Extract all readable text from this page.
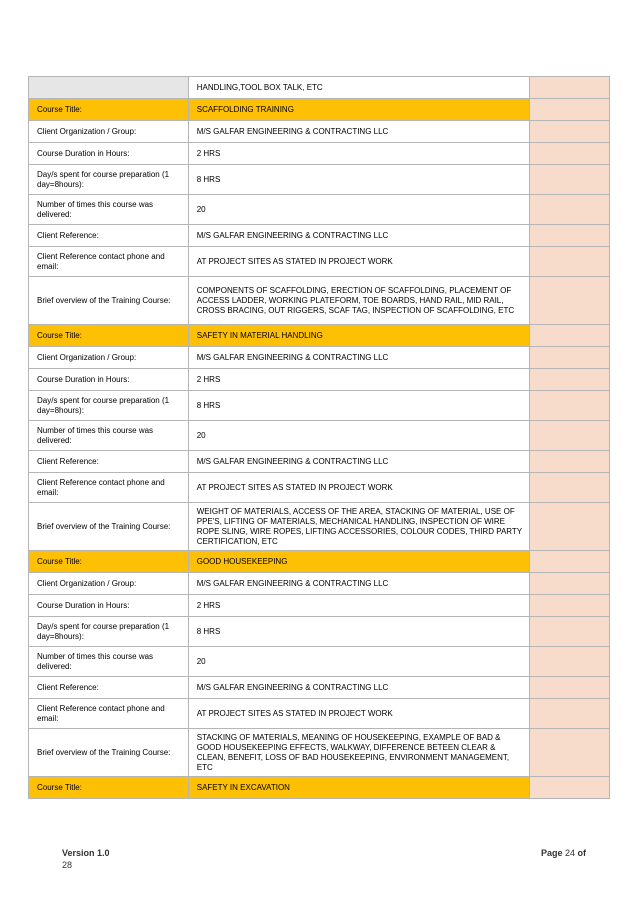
	HANDLING,TOOL BOX TALK, ETC	
Course Title:	SCAFFOLDING TRAINING	
Client Organization / Group:	M/S GALFAR ENGINEERING & CONTRACTING LLC	
Course Duration in Hours:	2 HRS	
Day/s spent for course preparation (1 day=8hours):	8 HRS	
Number of times this course was delivered:	20	
Client Reference:	M/S GALFAR ENGINEERING & CONTRACTING LLC	
Client Reference contact phone and email:	AT PROJECT SITES AS STATED IN PROJECT WORK	
Brief overview of the Training Course:	COMPONENTS OF SCAFFOLDING, ERECTION OF SCAFFOLDING, PLACEMENT OF ACCESS LADDER, WORKING PLATEFORM, TOE BOARDS, HAND RAIL, MID RAIL, CROSS BRACING, OUT RIGGERS, SCAF TAG, INSPECTION OF SCAFFOLDING, ETC	
Course Title:	SAFETY IN MATERIAL HANDLING	
Client Organization / Group:	M/S GALFAR ENGINEERING & CONTRACTING LLC	
Course Duration in Hours:	2 HRS	
Day/s spent for course preparation (1 day=8hours):	8 HRS	
Number of times this course was delivered:	20	
Client Reference:	M/S GALFAR ENGINEERING & CONTRACTING LLC	
Client Reference contact phone and email:	AT PROJECT SITES AS STATED IN PROJECT WORK	
Brief overview of the Training Course:	WEIGHT OF MATERIALS, ACCESS OF THE AREA, STACKING OF MATERIAL, USE OF PPE'S, LIFTING OF MATERIALS, MECHANICAL HANDLING, INSPECTION OF WIRE ROPE SLING, WIRE ROPES, LIFTING ACCESSORIES, COLOUR CODES, THIRD PARTY CERTIFICATION, ETC	
Course Title:	GOOD HOUSEKEEPING	
Client Organization / Group:	M/S GALFAR ENGINEERING & CONTRACTING LLC	
Course Duration in Hours:	2 HRS	
Day/s spent for course preparation (1 day=8hours):	8 HRS	
Number of times this course was delivered:	20	
Client Reference:	M/S GALFAR ENGINEERING & CONTRACTING LLC	
Client Reference contact phone and email:	AT PROJECT SITES AS STATED IN PROJECT WORK	
Brief overview of the Training Course:	STACKING OF MATERIALS, MEANING OF HOUSEKEEPING, EXAMPLE OF BAD & GOOD HOUSEKEEPING EFFECTS, WALKWAY, DIFFERENCE BETEEN CLEAR & CLEAN, BENEFIT, LOSS OF BAD HOUSEKEEPING, ENVIRONMENT MANAGEMENT, ETC	
Course Title:	SAFETY IN EXCAVATION	
Version 1.0
28
Page 24 of
